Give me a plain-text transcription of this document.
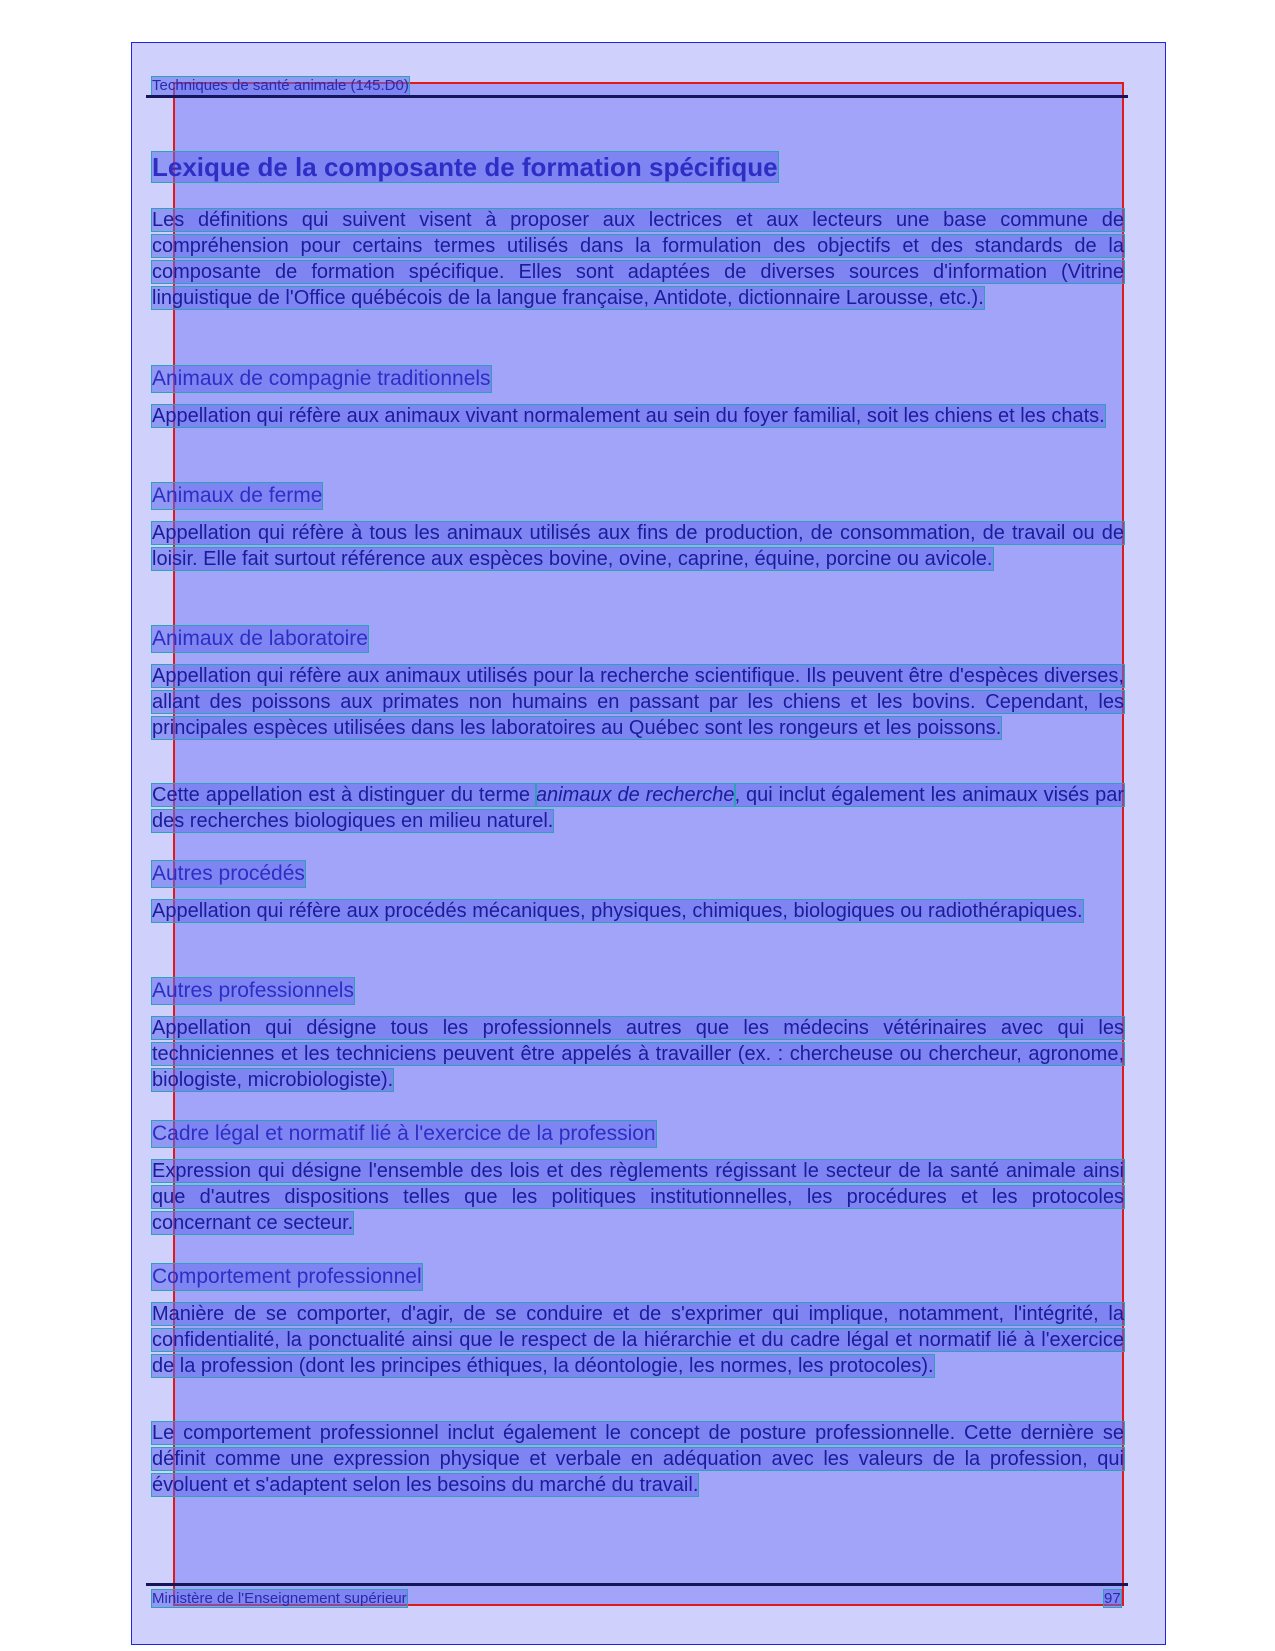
Techniques de santé animale (145.D0)
Lexique de la composante de formation spécifique

Les définitions qui suivent visent à proposer aux lectrices et aux lecteurs une base commune de compréhension pour certains termes utilisés dans la formulation des objectifs et des standards de la composante de formation spécifique. Elles sont adaptées de diverses sources d'information (Vitrine linguistique de l'Office québécois de la langue française, Antidote, dictionnaire Larousse, etc.).

Animaux de compagnie traditionnels

Appellation qui réfère aux animaux vivant normalement au sein du foyer familial, soit les chiens et les chats.

Animaux de ferme

Appellation qui réfère à tous les animaux utilisés aux fins de production, de consommation, de travail ou de loisir. Elle fait surtout référence aux espèces bovine, ovine, caprine, équine, porcine ou avicole.

Animaux de laboratoire

Appellation qui réfère aux animaux utilisés pour la recherche scientifique. Ils peuvent être d'espèces diverses, allant des poissons aux primates non humains en passant par les chiens et les bovins. Cependant, les principales espèces utilisées dans les laboratoires au Québec sont les rongeurs et les poissons.

Cette appellation est à distinguer du terme animaux de recherche, qui inclut également les animaux visés par des recherches biologiques en milieu naturel.

Autres procédés

Appellation qui réfère aux procédés mécaniques, physiques, chimiques, biologiques ou radiothérapiques.

Autres professionnels

Appellation qui désigne tous les professionnels autres que les médecins vétérinaires avec qui les techniciennes et les techniciens peuvent être appelés à travailler (ex. : chercheuse ou chercheur, agronome, biologiste, microbiologiste).

Cadre légal et normatif lié à l'exercice de la profession

Expression qui désigne l'ensemble des lois et des règlements régissant le secteur de la santé animale ainsi que d'autres dispositions telles que les politiques institutionnelles, les procédures et les protocoles concernant ce secteur.

Comportement professionnel

Manière de se comporter, d'agir, de se conduire et de s'exprimer qui implique, notamment, l'intégrité, la confidentialité, la ponctualité ainsi que le respect de la hiérarchie et du cadre légal et normatif lié à l'exercice de la profession (dont les principes éthiques, la déontologie, les normes, les protocoles).

Le comportement professionnel inclut également le concept de posture professionnelle. Cette dernière se définit comme une expression physique et verbale en adéquation avec les valeurs de la profession, qui évoluent et s'adaptent selon les besoins du marché du travail.

Ministère de l'Enseignement supérieur	97
